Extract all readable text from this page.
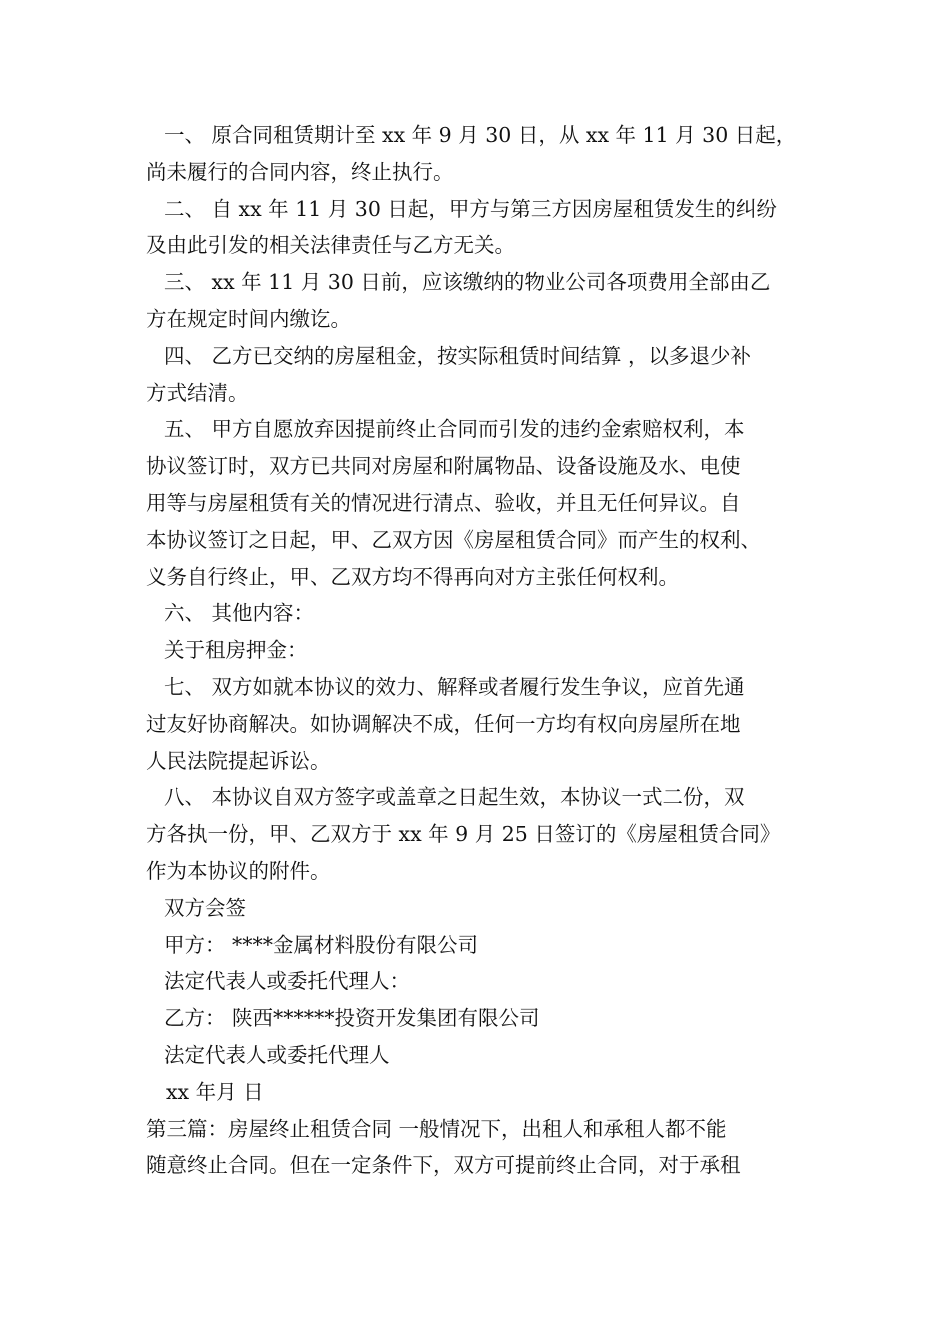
一、 原合同租赁期计至 xx 年 9 月 30 日，从 xx 年 11 月 30 日起，
尚未履行的合同内容，终止执行。
二、 自 xx 年 11 月 30 日起，甲方与第三方因房屋租赁发生的纠纷
及由此引发的相关法律责任与乙方无关。
三、 xx 年 11 月 30 日前，应该缴纳的物业公司各项费用全部由乙
方在规定时间内缴讫。
四、 乙方已交纳的房屋租金，按实际租赁时间结算 ，以多退少补
方式结清。
五、 甲方自愿放弃因提前终止合同而引发的违约金索赔权利，本
协议签订时，双方已共同对房屋和附属物品、设备设施及水、电使
用等与房屋租赁有关的情况进行清点、验收，并且无任何异议。自
本协议签订之日起，甲、乙双方因《房屋租赁合同》而产生的权利、
义务自行终止，甲、乙双方均不得再向对方主张任何权利。
六、 其他内容：
关于租房押金：
七、 双方如就本协议的效力、解释或者履行发生争议，应首先通
过友好协商解决。如协调解决不成，任何一方均有权向房屋所在地
人民法院提起诉讼。
八、 本协议自双方签字或盖章之日起生效，本协议一式二份，双
方各执一份，甲、乙双方于 xx 年 9 月 25 日签订的《房屋租赁合同》
作为本协议的附件。
双方会签
甲方： ****金属材料股份有限公司
法定代表人或委托代理人：
乙方： 陕西******投资开发集团有限公司
法定代表人或委托代理人
xx 年月 日
第三篇：房屋终止租赁合同 一般情况下，出租人和承租人都不能
随意终止合同。但在一定条件下，双方可提前终止合同，对于承租
